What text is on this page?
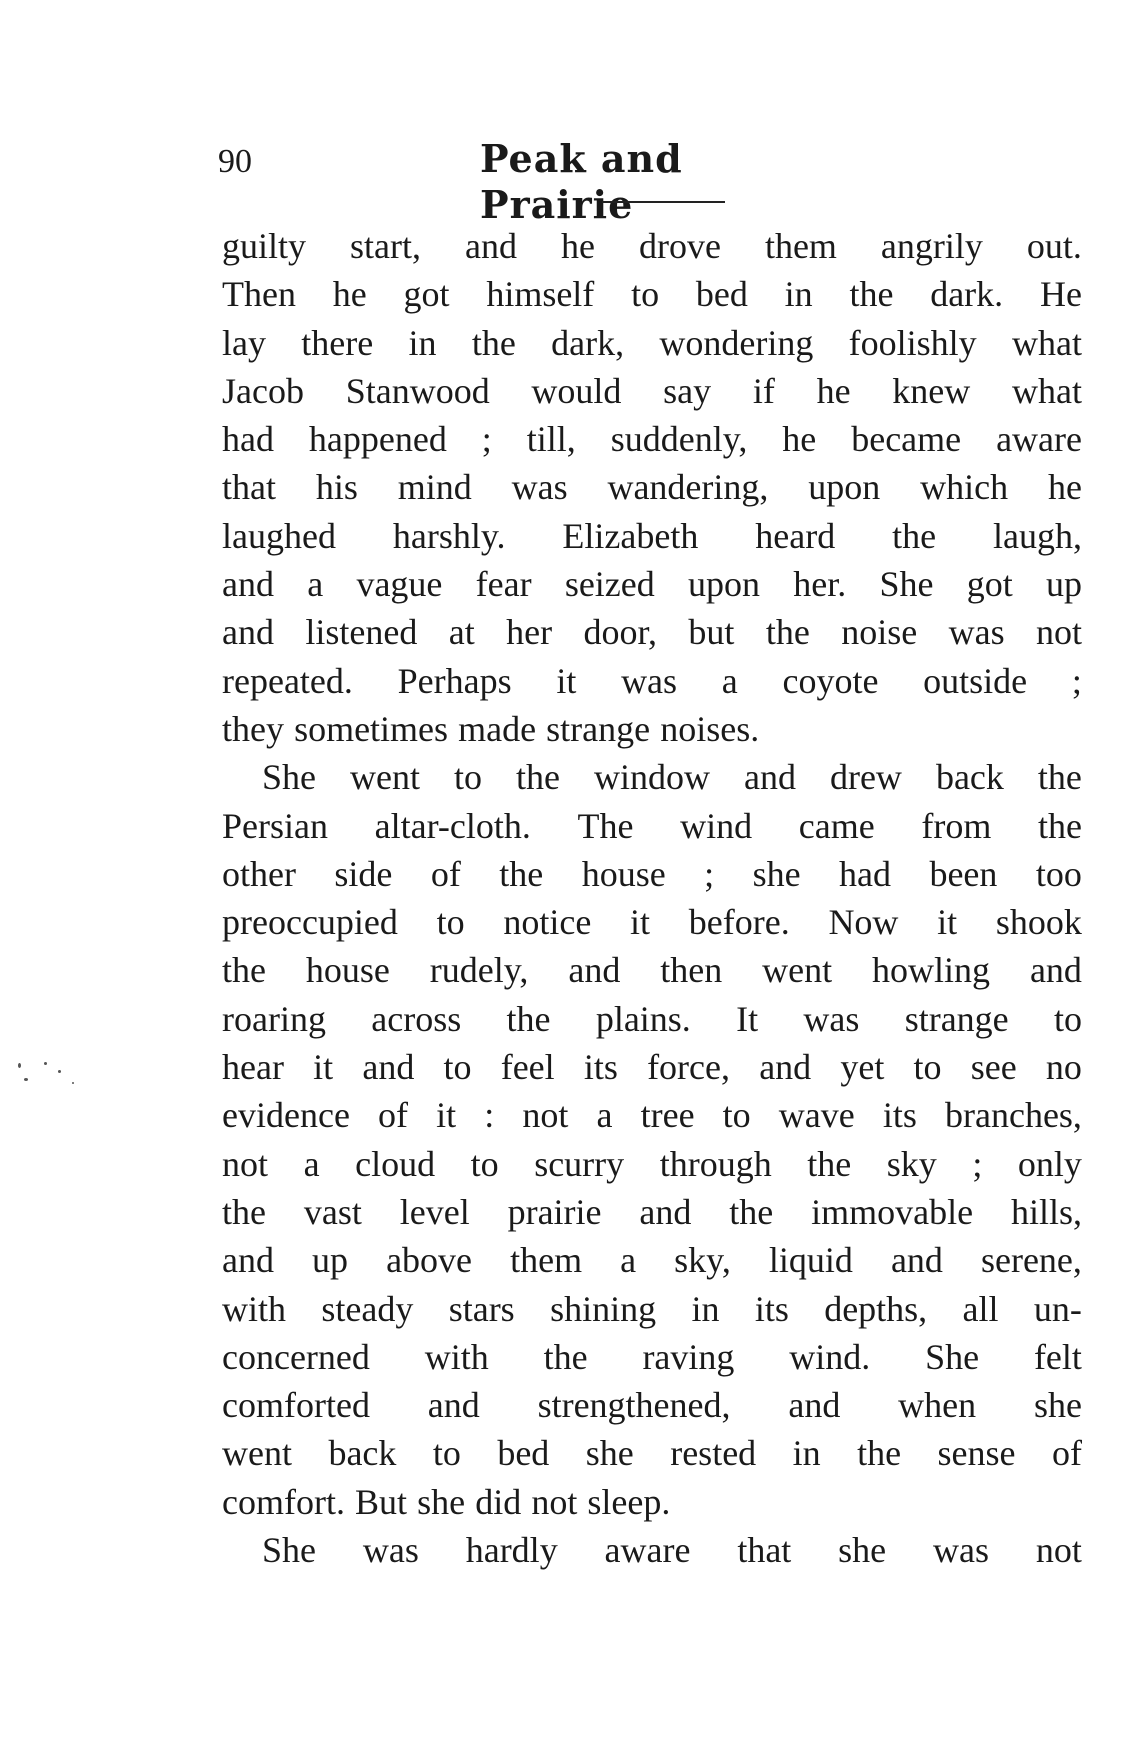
90	Peak and Prairie
guilty start, and he drove them angrily out.
Then he got himself to bed in the dark. He
lay there in the dark, wondering foolishly what
Jacob Stanwood would say if he knew what
had happened ; till, suddenly, he became aware
that his mind was wandering, upon which he
laughed harshly. Elizabeth heard the laugh,
and a vague fear seized upon her. She got up
and listened at her door, but the noise was not
repeated. Perhaps it was a coyote outside ;
they sometimes made strange noises.
She went to the window and drew back the
Persian altar-cloth. The wind came from the
other side of the house ; she had been too
preoccupied to notice it before. Now it shook
the house rudely, and then went howling and
roaring across the plains. It was strange to
hear it and to feel its force, and yet to see no
evidence of it : not a tree to wave its branches,
not a cloud to scurry through the sky ; only
the vast level prairie and the immovable hills,
and up above them a sky, liquid and serene,
with steady stars shining in its depths, all un-
concerned with the raving wind. She felt
comforted and strengthened, and when she
went back to bed she rested in the sense of
comfort. But she did not sleep.
She was hardly aware that she was not
